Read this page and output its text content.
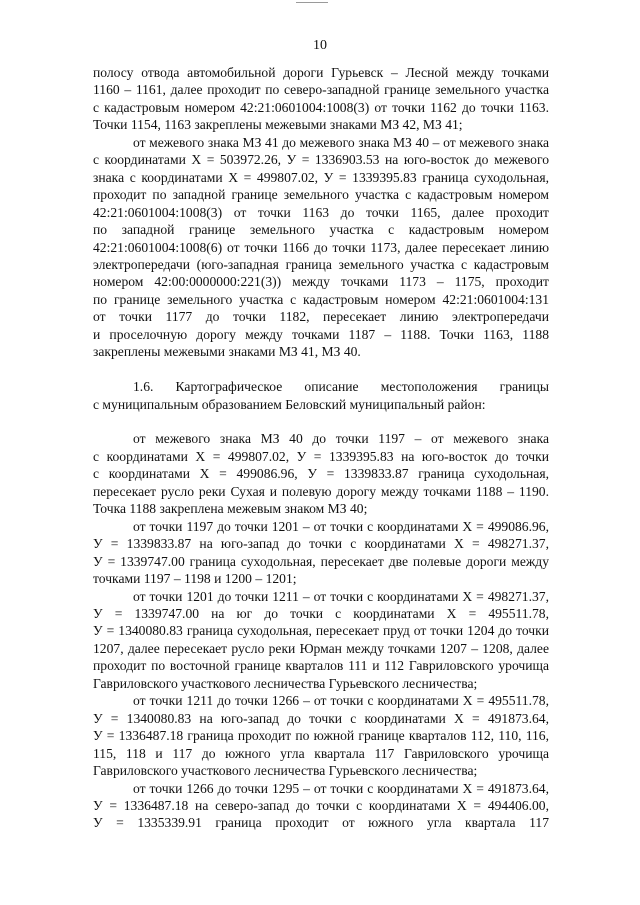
10

полосу отвода автомобильной дороги Гурьевск – Лесной между точками

1160 – 1161, далее проходит по северо-западной границе земельного участка

с кадастровым номером 42:21:0601004:1008(3) от точки 1162 до точки 1163.

Точки 1154, 1163 закреплены межевыми знаками МЗ 42, МЗ 41;

от межевого знака МЗ 41 до межевого знака МЗ 40 – от межевого знака

с координатами X = 503972.26, У = 1336903.53 на юго-восток до межевого

знака с координатами X = 499807.02, У = 1339395.83 граница суходольная,

проходит по западной границе земельного участка с кадастровым номером

42:21:0601004:1008(3) от точки 1163 до точки 1165, далее проходит

по западной границе земельного участка с кадастровым номером

42:21:0601004:1008(6) от точки 1166 до точки 1173, далее пересекает линию

электропередачи (юго-западная граница земельного участка с кадастровым

номером 42:00:0000000:221(3)) между точками 1173 – 1175, проходит

по границе земельного участка с кадастровым номером 42:21:0601004:131

от точки 1177 до точки 1182, пересекает линию электропередачи

и проселочную дорогу между точками 1187 – 1188. Точки 1163, 1188

закреплены межевыми знаками МЗ 41, МЗ 40.

1.6. Картографическое описание местоположения границы

с муниципальным образованием Беловский муниципальный район:

от межевого знака МЗ 40 до точки 1197 – от межевого знака

с координатами X = 499807.02, У = 1339395.83 на юго-восток до точки

с координатами X = 499086.96, У = 1339833.87 граница суходольная,

пересекает русло реки Сухая и полевую дорогу между точками 1188 – 1190.

Точка 1188 закреплена межевым знаком МЗ 40;

от точки 1197 до точки 1201 – от точки с координатами X = 499086.96,

У = 1339833.87 на юго-запад до точки с координатами X = 498271.37,

У = 1339747.00 граница суходольная, пересекает две полевые дороги между

точками 1197 – 1198 и 1200 – 1201;

от точки 1201 до точки 1211 – от точки с координатами X = 498271.37,

У = 1339747.00 на юг до точки с координатами X = 495511.78,

У = 1340080.83 граница суходольная, пересекает пруд от точки 1204 до точки

1207, далее пересекает русло реки Юрман между точками 1207 – 1208, далее

проходит по восточной границе кварталов 111 и 112 Гавриловского урочища

Гавриловского участкового лесничества Гурьевского лесничества;

от точки 1211 до точки 1266 – от точки с координатами X = 495511.78,

У = 1340080.83 на юго-запад до точки с координатами X = 491873.64,

У = 1336487.18 граница проходит по южной границе кварталов 112, 110, 116,

115, 118 и 117 до южного угла квартала 117 Гавриловского урочища

Гавриловского участкового лесничества Гурьевского лесничества;

от точки 1266 до точки 1295 – от точки с координатами X = 491873.64,

У = 1336487.18 на северо-запад до точки с координатами X = 494406.00,

У = 1335339.91 граница проходит от южного угла квартала 117
